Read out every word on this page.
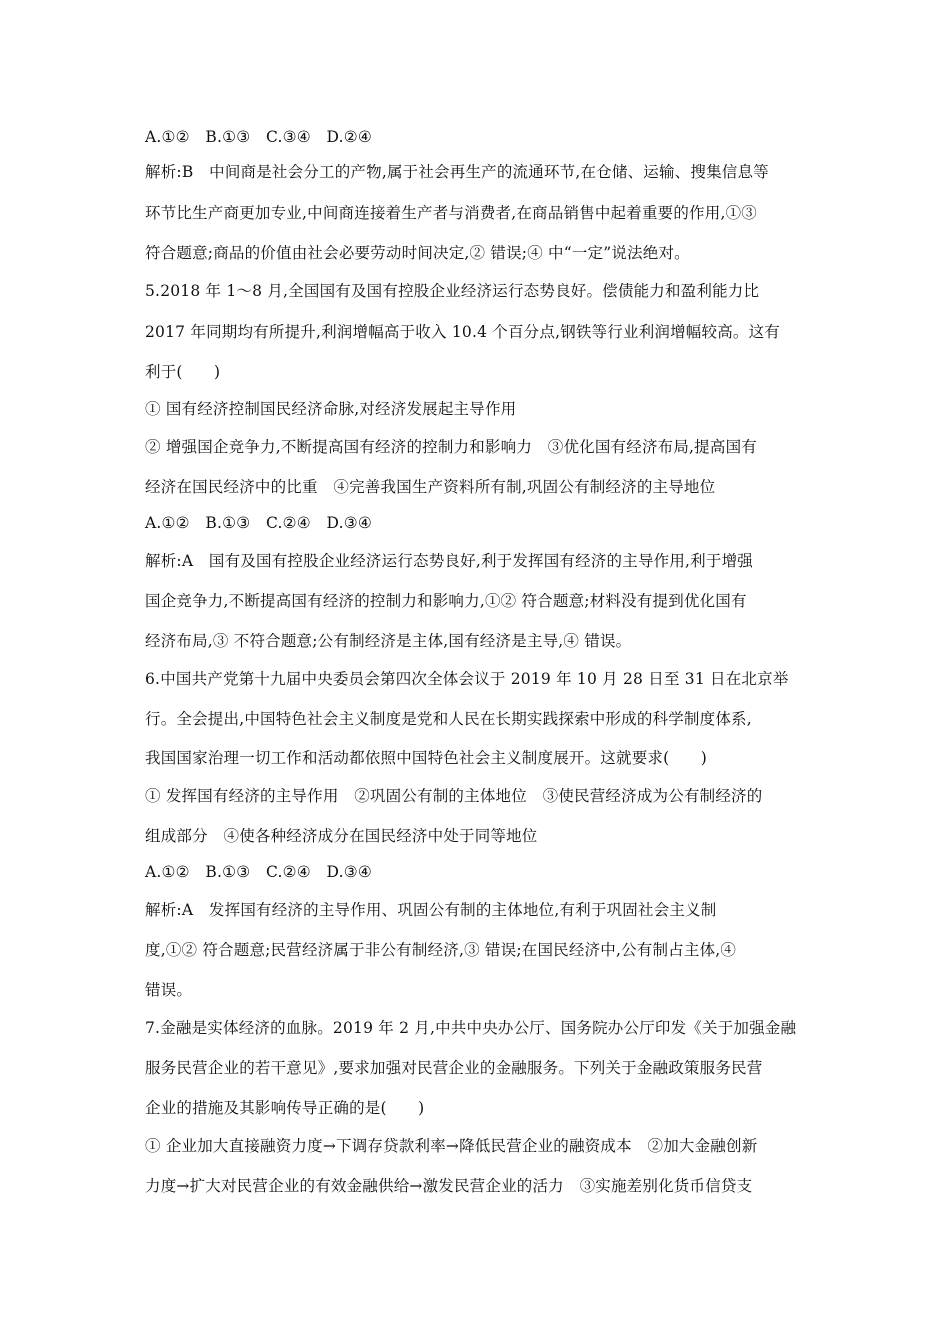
A.①②　B.①③　C.③④　D.②④
解析:B　中间商是社会分工的产物,属于社会再生产的流通环节,在仓储、运输、搜集信息等
环节比生产商更加专业,中间商连接着生产者与消费者,在商品销售中起着重要的作用,①③
符合题意;商品的价值由社会必要劳动时间决定,② 错误;④ 中“一定”说法绝对。
5.2018 年 1～8 月,全国国有及国有控股企业经济运行态势良好。偿债能力和盈利能力比
2017 年同期均有所提升,利润增幅高于收入 10.4 个百分点,钢铁等行业利润增幅较高。这有
利于(　　)
① 国有经济控制国民经济命脉,对经济发展起主导作用
② 增强国企竞争力,不断提高国有经济的控制力和影响力　③优化国有经济布局,提高国有
经济在国民经济中的比重　④完善我国生产资料所有制,巩固公有制经济的主导地位
A.①②　B.①③　C.②④　D.③④
解析:A　国有及国有控股企业经济运行态势良好,利于发挥国有经济的主导作用,利于增强
国企竞争力,不断提高国有经济的控制力和影响力,①② 符合题意;材料没有提到优化国有
经济布局,③ 不符合题意;公有制经济是主体,国有经济是主导,④ 错误。
6.中国共产党第十九届中央委员会第四次全体会议于 2019 年 10 月 28 日至 31 日在北京举
行。全会提出,中国特色社会主义制度是党和人民在长期实践探索中形成的科学制度体系,
我国国家治理一切工作和活动都依照中国特色社会主义制度展开。这就要求(　　)
① 发挥国有经济的主导作用　②巩固公有制的主体地位　③使民营经济成为公有制经济的
组成部分　④使各种经济成分在国民经济中处于同等地位
A.①②　B.①③　C.②④　D.③④
解析:A　发挥国有经济的主导作用、巩固公有制的主体地位,有利于巩固社会主义制
度,①② 符合题意;民营经济属于非公有制经济,③ 错误;在国民经济中,公有制占主体,④
错误。
7.金融是实体经济的血脉。2019 年 2 月,中共中央办公厅、国务院办公厅印发《关于加强金融
服务民营企业的若干意见》,要求加强对民营企业的金融服务。下列关于金融政策服务民营
企业的措施及其影响传导正确的是(　　)
① 企业加大直接融资力度→下调存贷款利率→降低民营企业的融资成本　②加大金融创新
力度→扩大对民营企业的有效金融供给→激发民营企业的活力　③实施差别化货币信贷支
